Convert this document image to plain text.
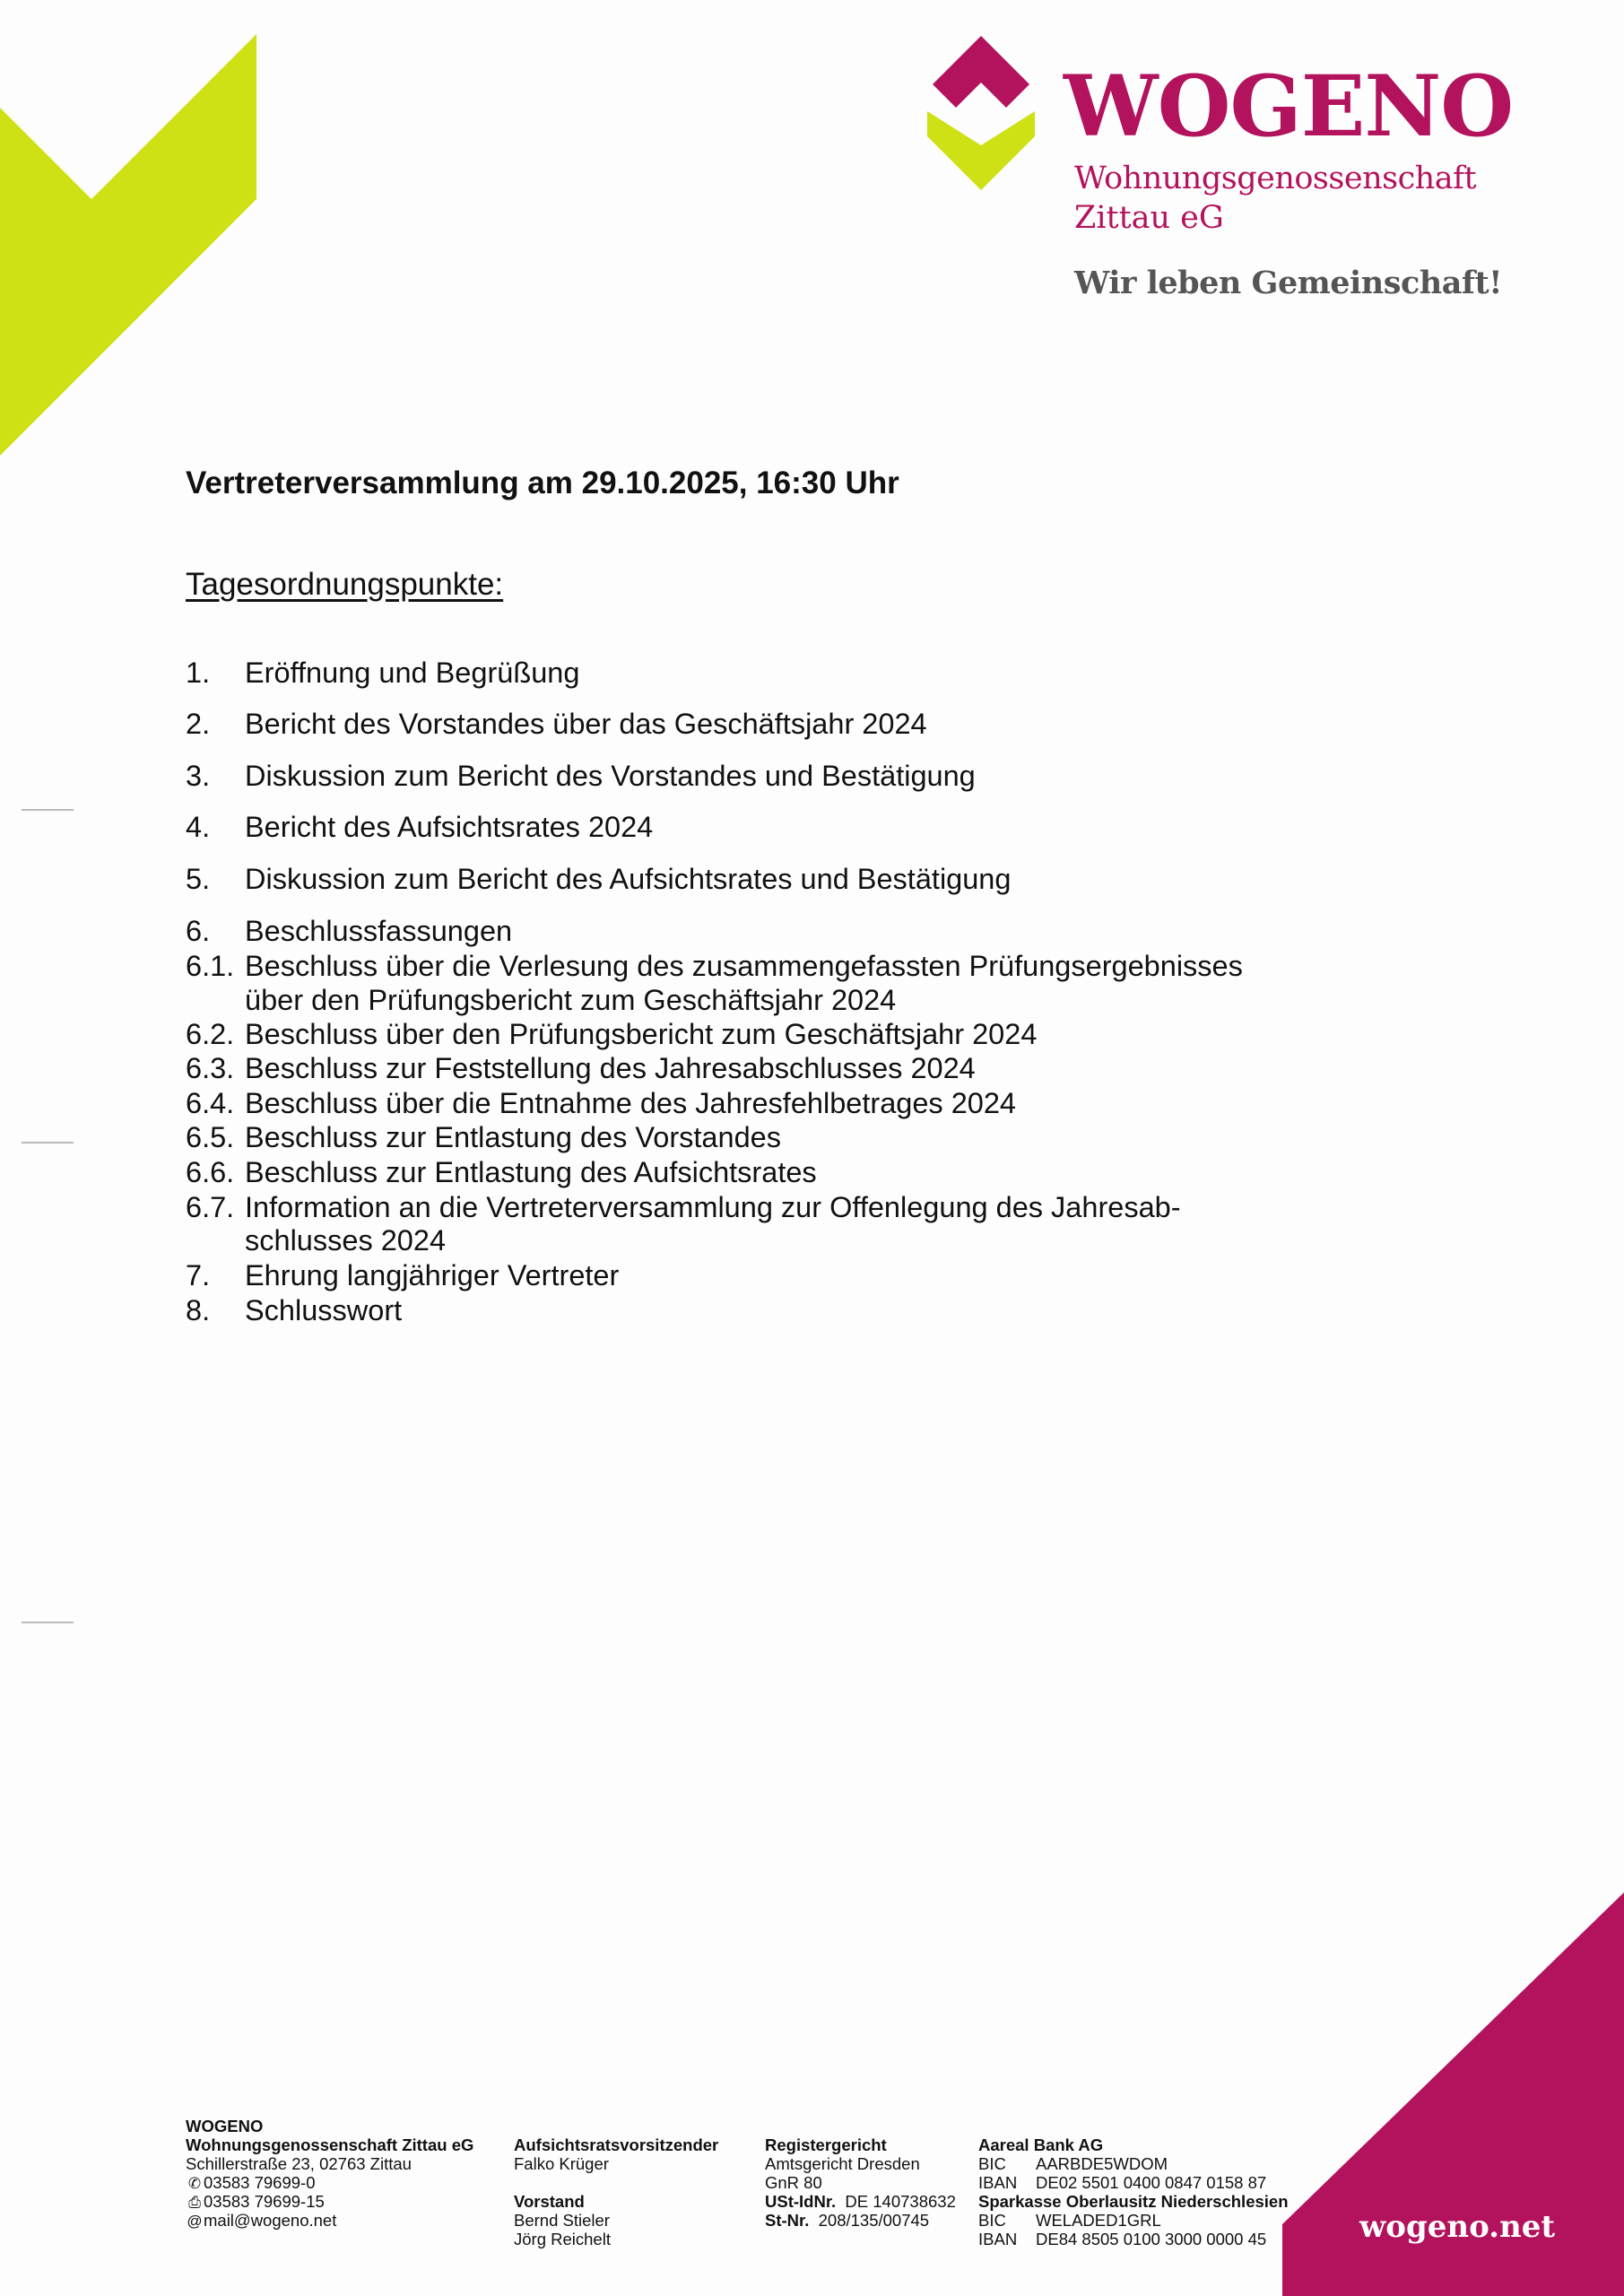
WOGENO
Wohnungsgenossenschaft
Zittau eG
Wir leben Gemeinschaft!
Vertreterversammlung am 29.10.2025, 16:30 Uhr
Tagesordnungspunkte:
1. Eröffnung und Begrüßung
2. Bericht des Vorstandes über das Geschäftsjahr 2024
3. Diskussion zum Bericht des Vorstandes und Bestätigung
4. Bericht des Aufsichtsrates 2024
5. Diskussion zum Bericht des Aufsichtsrates und Bestätigung
6. Beschlussfassungen
6.1. Beschluss über die Verlesung des zusammengefassten Prüfungsergebnisses
über den Prüfungsbericht zum Geschäftsjahr 2024
6.2. Beschluss über den Prüfungsbericht zum Geschäftsjahr 2024
6.3. Beschluss zur Feststellung des Jahresabschlusses 2024
6.4. Beschluss über die Entnahme des Jahresfehlbetrages 2024
6.5. Beschluss zur Entlastung des Vorstandes
6.6. Beschluss zur Entlastung des Aufsichtsrates
6.7. Information an die Vertreterversammlung zur Offenlegung des Jahresab-
schlusses 2024
7. Ehrung langjähriger Vertreter
8. Schlusswort
WOGENO
Wohnungsgenossenschaft Zittau eG
Schillerstraße 23, 02763 Zittau
✆ 03583 79699-0
⎙ 03583 79699-15
@mail@wogeno.net
Aufsichtsratsvorsitzender
Falko Krüger
Vorstand
Bernd Stieler
Jörg Reichelt
Registergericht
Amtsgericht Dresden
GnR 80
USt-IdNr. DE 140738632
St-Nr. 208/135/00745
Aareal Bank AG
BIC AARBDE5WDOM
IBAN DE02 5501 0400 0847 0158 87
Sparkasse Oberlausitz Niederschlesien
BIC WELADED1GRL
IBAN DE84 8505 0100 3000 0000 45	wogeno.net
